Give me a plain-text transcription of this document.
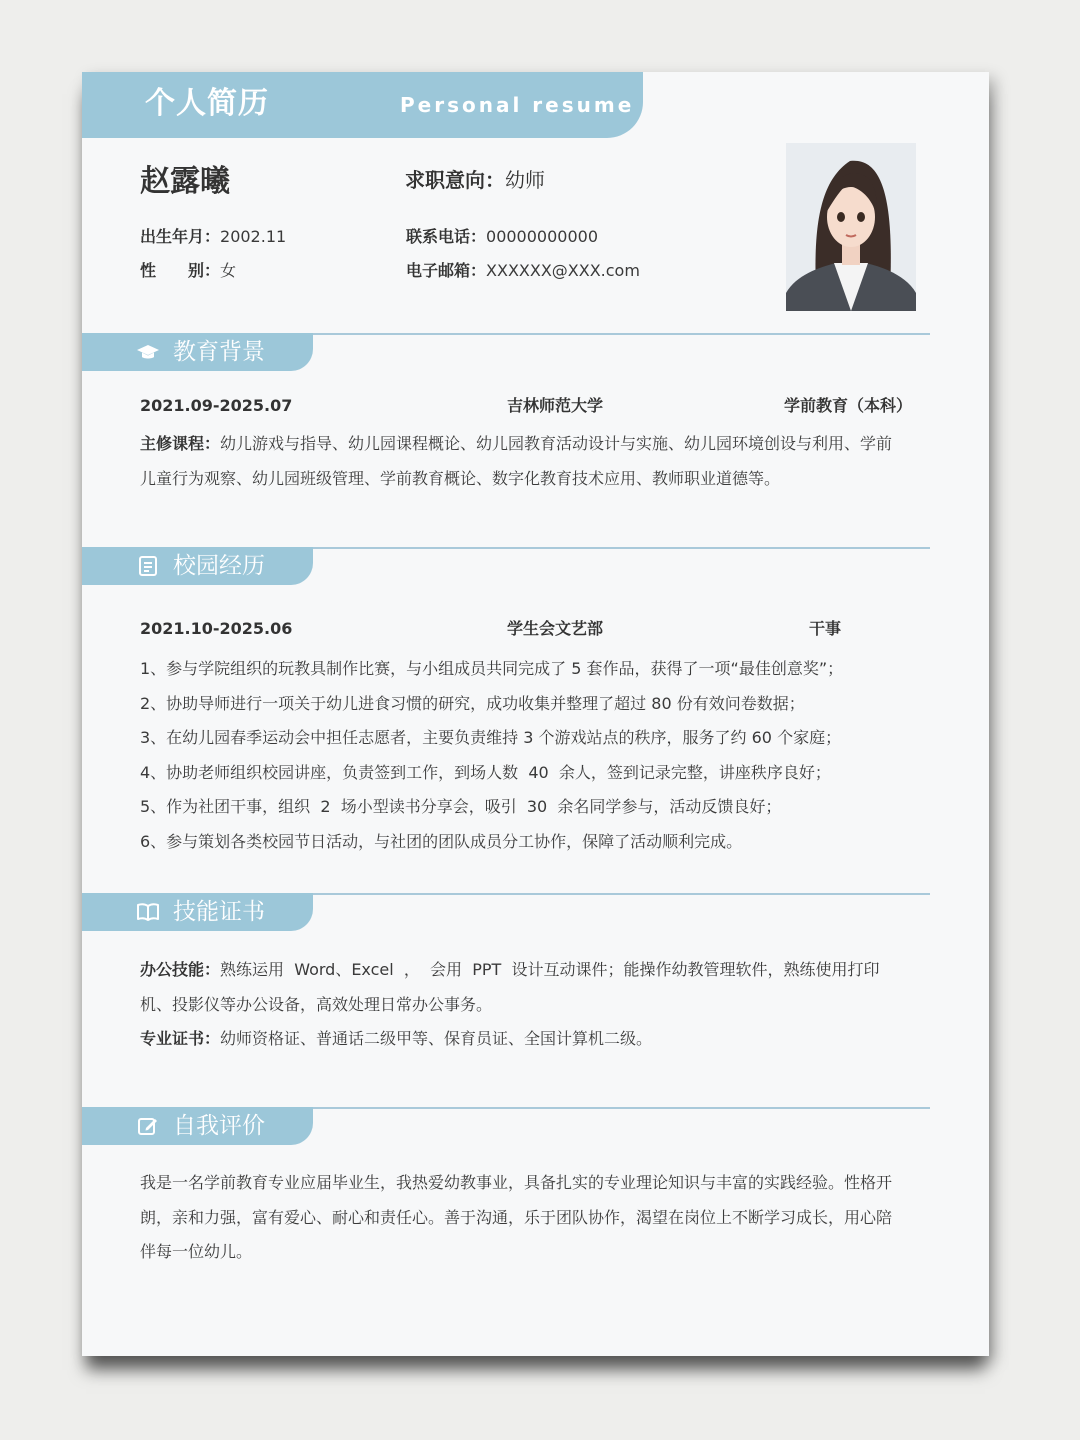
个人简历	Personal resume
赵露曦	求职意向：幼师
出生年月：2002.11
性　　别：女
联系电话：00000000000
电子邮箱：XXXXXX@XXX.com
教育背景
2021.09-2025.07	吉林师范大学	学前教育（本科）
主修课程：幼儿游戏与指导、幼儿园课程概论、幼儿园教育活动设计与实施、幼儿园环境创设与利用、学前
儿童行为观察、幼儿园班级管理、学前教育概论、数字化教育技术应用、教师职业道德等。
校园经历
2021.10-2025.06	学生会文艺部	干事
1、参与学院组织的玩教具制作比赛，与小组成员共同完成了 5 套作品，获得了一项“最佳创意奖”；
2、协助导师进行一项关于幼儿进食习惯的研究，成功收集并整理了超过 80 份有效问卷数据；
3、在幼儿园春季运动会中担任志愿者，主要负责维持 3 个游戏站点的秩序，服务了约 60 个家庭；
4、协助老师组织校园讲座，负责签到工作，到场人数  40  余人，签到记录完整，讲座秩序良好；
5、作为社团干事，组织  2  场小型读书分享会，吸引  30  余名同学参与，活动反馈良好；
6、参与策划各类校园节日活动，与社团的团队成员分工协作，保障了活动顺利完成。
技能证书
办公技能：熟练运用  Word、Excel  ，  会用  PPT  设计互动课件；能操作幼教管理软件，熟练使用打印
机、投影仪等办公设备，高效处理日常办公事务。
专业证书：幼师资格证、普通话二级甲等、保育员证、全国计算机二级。
自我评价
我是一名学前教育专业应届毕业生，我热爱幼教事业，具备扎实的专业理论知识与丰富的实践经验。性格开
朗，亲和力强，富有爱心、耐心和责任心。善于沟通，乐于团队协作，渴望在岗位上不断学习成长，用心陪
伴每一位幼儿。
